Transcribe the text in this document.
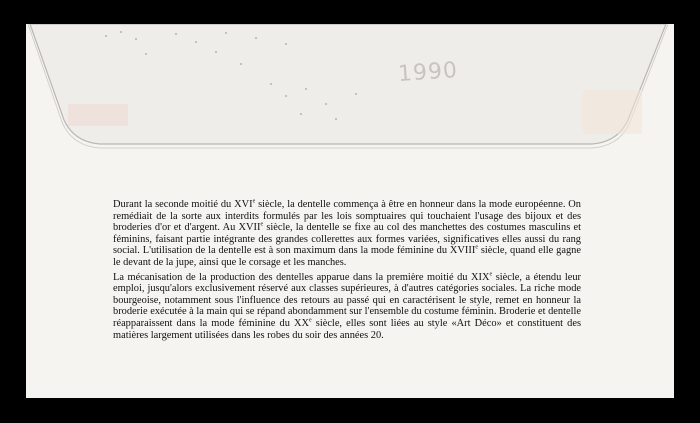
1990

Durant la seconde moitié du XVIe siècle, la dentelle commença à être en honneur dans la mode européenne. On remédiait de la sorte aux interdits formulés par les lois somptuaires qui touchaient l'usage des bijoux et des broderies d'or et d'argent. Au XVIIe siècle, la dentelle se fixe au col des manchettes des costumes masculins et féminins, faisant partie intégrante des grandes collerettes aux formes variées, significatives elles aussi du rang social. L'utilisation de la dentelle est à son maximum dans la mode féminine du XVIIIe siècle, quand elle gagne le devant de la jupe, ainsi que le corsage et les manches.

La mécanisation de la production des dentelles apparue dans la première moitié du XIXe siècle, a étendu leur emploi, jusqu'alors exclusivement réservé aux classes supérieures, à d'autres catégories sociales. La riche mode bourgeoise, notamment sous l'influence des retours au passé qui en caractérisent le style, remet en honneur la broderie exécutée à la main qui se répand abondamment sur l'ensemble du costume féminin. Broderie et dentelle réapparaissent dans la mode féminine du XXe siècle, elles sont liées au style «Art Déco» et constituent des matières largement utilisées dans les robes du soir des années 20.
